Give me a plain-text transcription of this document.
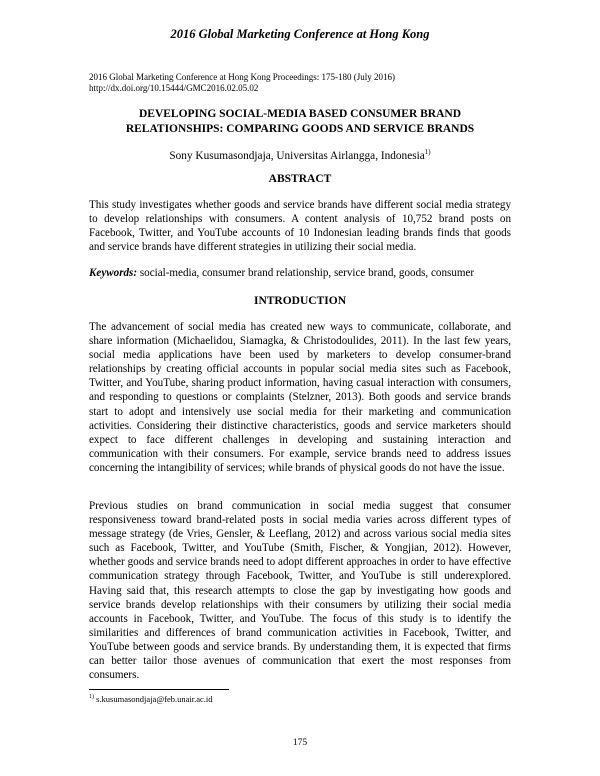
2016 Global Marketing Conference at Hong Kong
2016 Global Marketing Conference at Hong Kong Proceedings: 175-180 (July 2016)
http://dx.doi.org/10.15444/GMC2016.02.05.02
DEVELOPING SOCIAL-MEDIA BASED CONSUMER BRAND
RELATIONSHIPS: COMPARING GOODS AND SERVICE BRANDS
Sony Kusumasondjaja, Universitas Airlangga, Indonesia$^{1)}$
ABSTRACT

This study investigates whether goods and service brands have different social media strategy to develop relationships with consumers. A content analysis of 10,752 brand posts on Facebook, Twitter, and YouTube accounts of 10 Indonesian leading brands finds that goods and service brands have different strategies in utilizing their social media.

Keywords: social-media, consumer brand relationship, service brand, goods, consumer

INTRODUCTION

The advancement of social media has created new ways to communicate, collaborate, and share information (Michaelidou, Siamagka, & Christodoulides, 2011). In the last few years, social media applications have been used by marketers to develop consumer-brand relationships by creating official accounts in popular social media sites such as Facebook, Twitter, and YouTube, sharing product information, having casual interaction with consumers, and responding to questions or complaints (Stelzner, 2013). Both goods and service brands start to adopt and intensively use social media for their marketing and communication activities. Considering their distinctive characteristics, goods and service marketers should expect to face different challenges in developing and sustaining interaction and communication with their consumers. For example, service brands need to address issues concerning the intangibility of services; while brands of physical goods do not have the issue.

Previous studies on brand communication in social media suggest that consumer responsiveness toward brand-related posts in social media varies across different types of message strategy (de Vries, Gensler, & Leeflang, 2012) and across various social media sites such as Facebook, Twitter, and YouTube (Smith, Fischer, & Yongjian, 2012). However, whether goods and service brands need to adopt different approaches in order to have effective communication strategy through Facebook, Twitter, and YouTube is still underexplored. Having said that, this research attempts to close the gap by investigating how goods and service brands develop relationships with their consumers by utilizing their social media accounts in Facebook, Twitter, and YouTube. The focus of this study is to identify the similarities and differences of brand communication activities in Facebook, Twitter, and YouTube between goods and service brands. By understanding them, it is expected that firms can better tailor those avenues of communication that exert the most responses from consumers.

$^{1)}$ s.kusumasondjaja@feb.unair.ac.id
175
